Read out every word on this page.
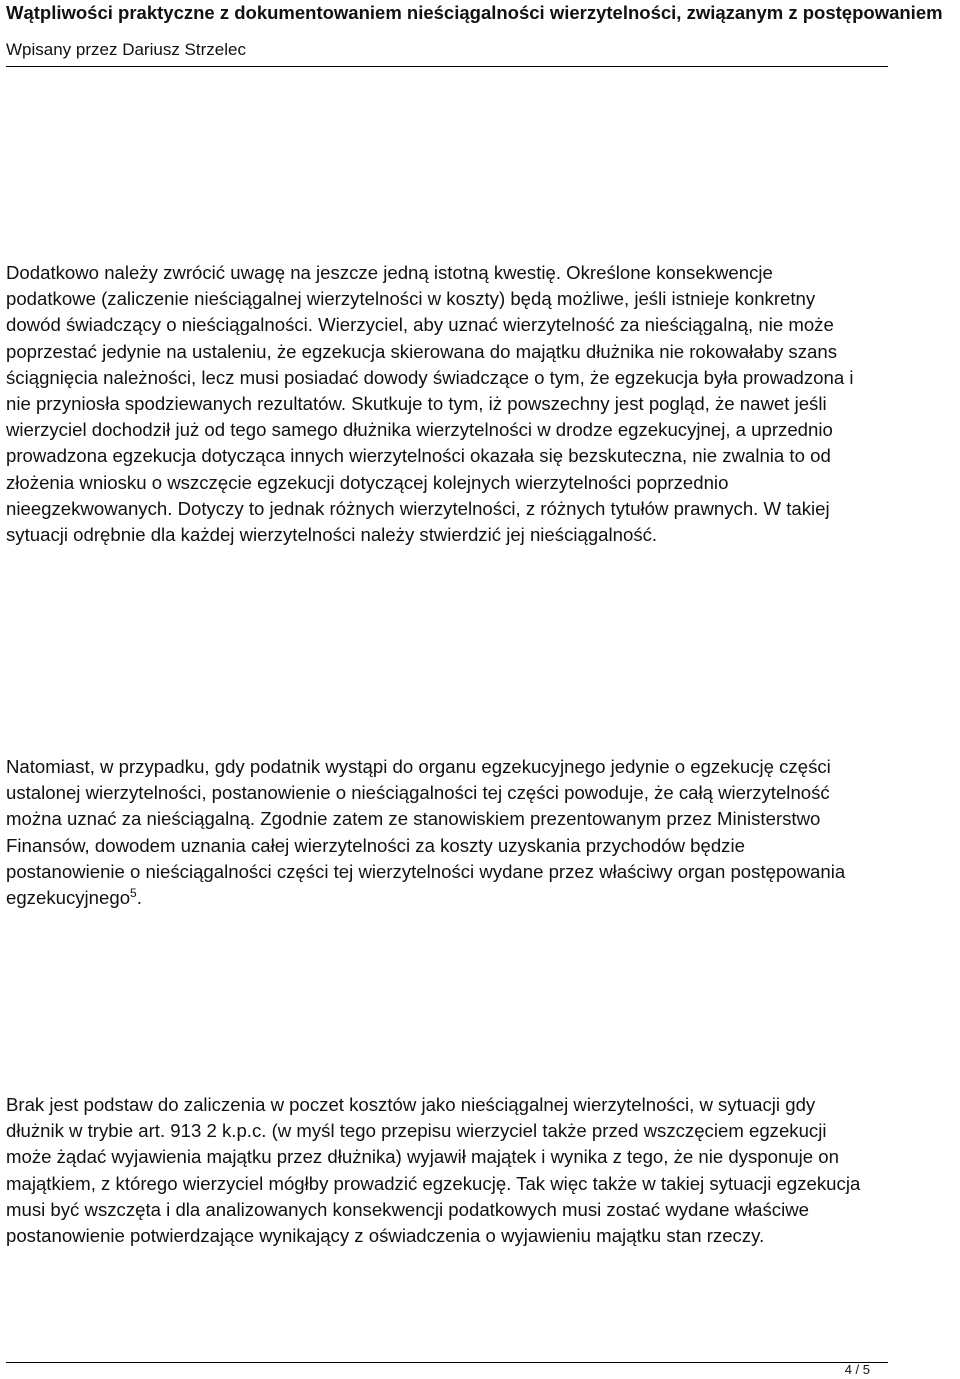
Wątpliwości praktyczne z dokumentowaniem nieściągalności wierzytelności, związanym z postępowaniem
Wpisany przez Dariusz Strzelec

Dodatkowo należy zwrócić uwagę na jeszcze jedną istotną kwestię. Określone konsekwencje podatkowe (zaliczenie nieściągalnej wierzytelności w koszty) będą możliwe, jeśli istnieje konkretny dowód świadczący o nieściągalności. Wierzyciel, aby uznać wierzytelność za nieściągalną, nie może poprzestać jedynie na ustaleniu, że egzekucja skierowana do majątku dłużnika nie rokowałaby szans ściągnięcia należności, lecz musi posiadać dowody świadczące o tym, że egzekucja była prowadzona i nie przyniosła spodziewanych rezultatów. Skutkuje to tym, iż powszechny jest pogląd, że nawet jeśli wierzyciel dochodził już od tego samego dłużnika wierzytelności w drodze egzekucyjnej, a uprzednio prowadzona egzekucja dotycząca innych wierzytelności okazała się bezskuteczna, nie zwalnia to od złożenia wniosku o wszczęcie egzekucji dotyczącej kolejnych wierzytelności poprzednio nieegzekwowanych. Dotyczy to jednak różnych wierzytelności, z różnych tytułów prawnych. W takiej sytuacji odrębnie dla każdej wierzytelności należy stwierdzić jej nieściągalność.

Natomiast, w przypadku, gdy podatnik wystąpi do organu egzekucyjnego jedynie o egzekucję części ustalonej wierzytelności, postanowienie o nieściągalności tej części powoduje, że całą wierzytelność można uznać za nieściągalną. Zgodnie zatem ze stanowiskiem prezentowanym przez Ministerstwo Finansów, dowodem uznania całej wierzytelności za koszty uzyskania przychodów będzie postanowienie o nieściągalności części tej wierzytelności wydane przez właściwy organ postępowania egzekucyjnego$^5$.

Brak jest podstaw do zaliczenia w poczet kosztów jako nieściągalnej wierzytelności, w sytuacji gdy dłużnik w trybie art. 913 2 k.p.c. (w myśl tego przepisu wierzyciel także przed wszczęciem egzekucji może żądać wyjawienia majątku przez dłużnika) wyjawił majątek i wynika z tego, że nie dysponuje on majątkiem, z którego wierzyciel mógłby prowadzić egzekucję. Tak więc także w takiej sytuacji egzekucja musi być wszczęta i dla analizowanych konsekwencji podatkowych musi zostać wydane właściwe postanowienie potwierdzające wynikający z oświadczenia o wyjawieniu majątku stan rzeczy.

4 / 5
